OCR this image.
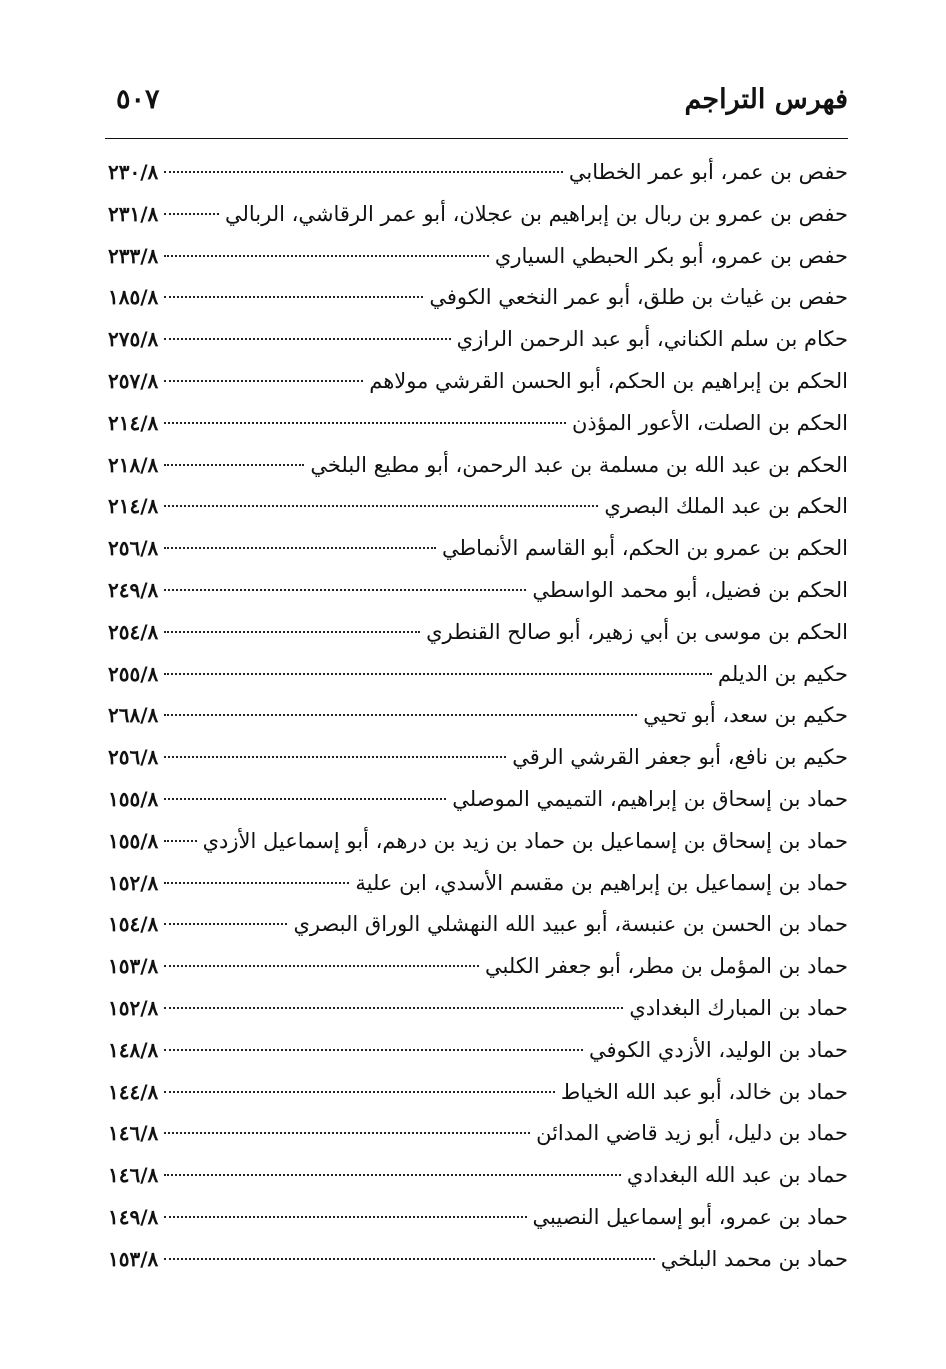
فهرس التراجم
٥٠٧
حفص بن عمر، أبو عمر الخطابي
٢٣٠/٨
حفص بن عمرو بن ربال بن إبراهيم بن عجلان، أبو عمر الرقاشي، الربالي
٢٣١/٨
حفص بن عمرو، أبو بكر الحبطي السياري
٢٣٣/٨
حفص بن غياث بن طلق، أبو عمر النخعي الكوفي
١٨٥/٨
حكام بن سلم الكناني، أبو عبد الرحمن الرازي
٢٧٥/٨
الحكم بن إبراهيم بن الحكم، أبو الحسن القرشي مولاهم
٢٥٧/٨
الحكم بن الصلت، الأعور المؤذن
٢١٤/٨
الحكم بن عبد الله بن مسلمة بن عبد الرحمن، أبو مطيع البلخي
٢١٨/٨
الحكم بن عبد الملك البصري
٢١٤/٨
الحكم بن عمرو بن الحكم، أبو القاسم الأنماطي
٢٥٦/٨
الحكم بن فضيل، أبو محمد الواسطي
٢٤٩/٨
الحكم بن موسى بن أبي زهير، أبو صالح القنطري
٢٥٤/٨
حكيم بن الديلم
٢٥٥/٨
حكيم بن سعد، أبو تحيي
٢٦٨/٨
حكيم بن نافع، أبو جعفر القرشي الرقي
٢٥٦/٨
حماد بن إسحاق بن إبراهيم، التميمي الموصلي
١٥٥/٨
حماد بن إسحاق بن إسماعيل بن حماد بن زيد بن درهم، أبو إسماعيل الأزدي
١٥٥/٨
حماد بن إسماعيل بن إبراهيم بن مقسم الأسدي، ابن علية
١٥٢/٨
حماد بن الحسن بن عنبسة، أبو عبيد الله النهشلي الوراق البصري
١٥٤/٨
حماد بن المؤمل بن مطر، أبو جعفر الكلبي
١٥٣/٨
حماد بن المبارك البغدادي
١٥٢/٨
حماد بن الوليد، الأزدي الكوفي
١٤٨/٨
حماد بن خالد، أبو عبد الله الخياط
١٤٤/٨
حماد بن دليل، أبو زيد قاضي المدائن
١٤٦/٨
حماد بن عبد الله البغدادي
١٤٦/٨
حماد بن عمرو، أبو إسماعيل النصيبي
١٤٩/٨
حماد بن محمد البلخي
١٥٣/٨
